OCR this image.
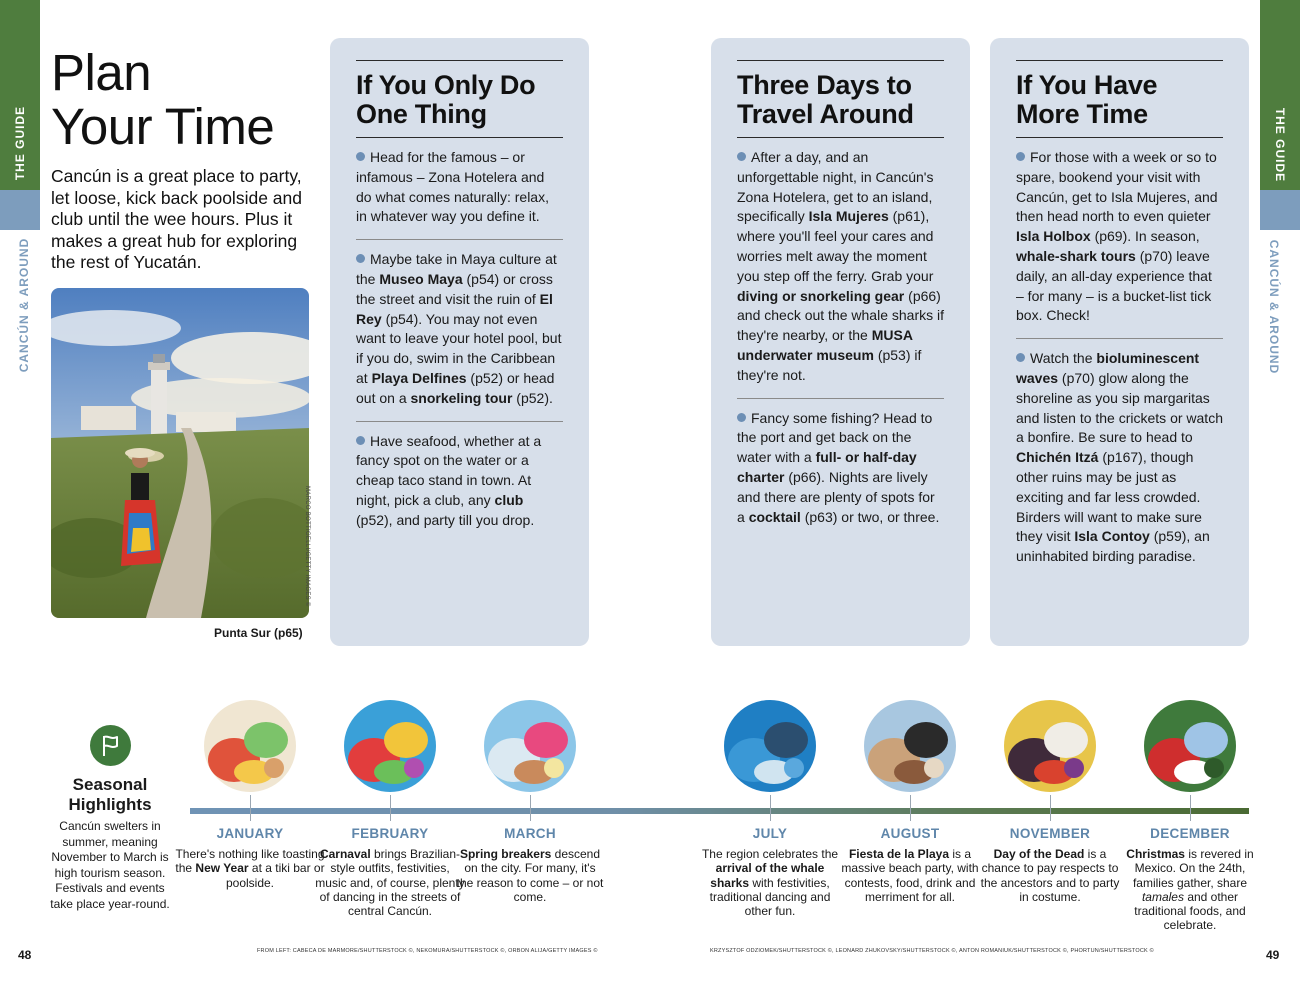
THE GUIDE
CANCÚN & AROUND
THE GUIDE
CANCÚN & AROUND
Plan
Your Time

Cancún is a great place to party, let loose, kick back poolside and club until the wee hours. Plus it makes a great hub for exploring the rest of Yucatán.

MARCO BOTTIGELLI/GETTY IMAGES ©
Punta Sur (p65)
If You Only Do
One Thing

Head for the famous – or infamous – Zona Hotelera and do what comes naturally: relax, in whatever way you define it.

Maybe take in Maya culture at the Museo Maya (p54) or cross the street and visit the ruin of El Rey (p54). You may not even want to leave your hotel pool, but if you do, swim in the Caribbean at Playa Delfines (p52) or head out on a snorkeling tour (p52).

Have seafood, whether at a fancy spot on the water or a cheap taco stand in town. At night, pick a club, any club (p52), and party till you drop.

Three Days to
Travel Around

After a day, and an unforgettable night, in Cancún's Zona Hotelera, get to an island, specifically Isla Mujeres (p61), where you'll feel your cares and worries melt away the moment you step off the ferry. Grab your diving or snorkeling gear (p66) and check out the whale sharks if they're nearby, or the MUSA underwater museum (p53) if they're not.

Fancy some fishing? Head to the port and get back on the water with a full- or half-day charter (p66). Nights are lively and there are plenty of spots for a cocktail (p63) or two, or three.

If You Have
More Time

For those with a week or so to spare, bookend your visit with Cancún, get to Isla Mujeres, and then head north to even quieter Isla Holbox (p69). In season, whale-shark tours (p70) leave daily, an all-day experience that – for many – is a bucket-list tick box. Check!

Watch the bioluminescent waves (p70) glow along the shoreline as you sip margaritas and listen to the crickets or watch a bonfire. Be sure to head to Chichén Itzá (p167), though other ruins may be just as exciting and far less crowded. Birders will want to make sure they visit Isla Contoy (p59), an uninhabited birding paradise.

Seasonal
Highlights
Cancún swelters in summer, meaning November to March is high tourism season. Festivals and events take place year-round.
JANUARY
There's nothing like toasting the New Year at a tiki bar or poolside.
FEBRUARY
Carnaval brings Brazilian-style outfits, festivities, music and, of course, plenty of dancing in the streets of central Cancún.
MARCH
Spring breakers descend on the city. For many, it's the reason to come – or not come.
JULY
The region celebrates the arrival of the whale sharks with festivities, traditional dancing and other fun.
AUGUST
Fiesta de la Playa is a massive beach party, with contests, food, drink and merriment for all.
NOVEMBER
Day of the Dead is a chance to pay respects to the ancestors and to party in costume.
DECEMBER
Christmas is revered in Mexico. On the 24th, families gather, share tamales and other traditional foods, and celebrate.
48	49
FROM LEFT: CABECA DE MARMORE/SHUTTERSTOCK ©, NEKOMURA/SHUTTERSTOCK ©, ORBON ALIJA/GETTY IMAGES ©	KRZYSZTOF ODZIOMEK/SHUTTERSTOCK ©, LEONARD ZHUKOVSKY/SHUTTERSTOCK ©, ANTON ROMANIUK/SHUTTERSTOCK ©, PHORTUN/SHUTTERSTOCK ©
